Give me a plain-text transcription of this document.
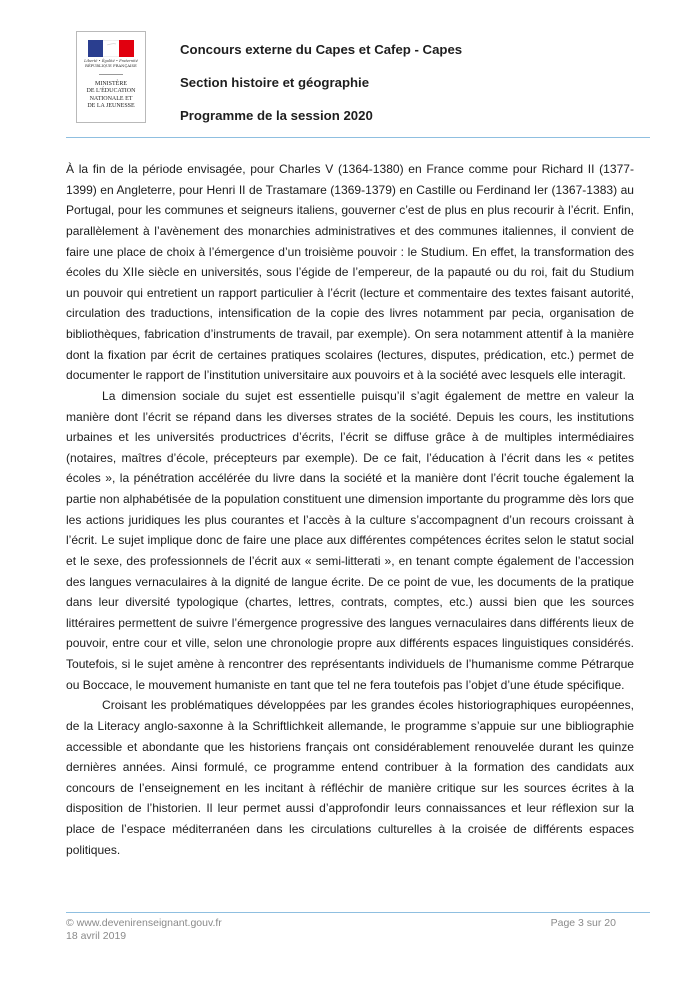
Liberté • Égalité • Fraternité
RÉPUBLIQUE FRANÇAISE
MINISTÈRE
DE L’ÉDUCATION
NATIONALE ET
DE LA JEUNESSE
Concours externe du Capes et Cafep - Capes
Section histoire et géographie
Programme de la session 2020

À la fin de la période envisagée, pour Charles V (1364-1380) en France comme pour Richard II (1377-1399) en Angleterre, pour Henri II de Trastamare (1369-1379) en Castille ou Ferdinand Ier (1367-1383) au Portugal, pour les communes et seigneurs italiens, gouverner c’est de plus en plus recourir à l’écrit. Enfin, parallèlement à l’avènement des monarchies administratives et des communes italiennes, il convient de faire une place de choix à l’émergence d’un troisième pouvoir : le Studium. En effet, la transformation des écoles du XIIe siècle en universités, sous l’égide de l’empereur, de la papauté ou du roi, fait du Studium un pouvoir qui entretient un rapport particulier à l’écrit (lecture et commentaire des textes faisant autorité, circulation des traductions, intensification de la copie des livres notamment par pecia, organisation de bibliothèques, fabrication d’instruments de travail, par exemple). On sera notamment attentif à la manière dont la fixation par écrit de certaines pratiques scolaires (lectures, disputes, prédication, etc.) permet de documenter le rapport de l’institution universitaire aux pouvoirs et à la société avec lesquels elle interagit.

La dimension sociale du sujet est essentielle puisqu’il s’agit également de mettre en valeur la manière dont l’écrit se répand dans les diverses strates de la société. Depuis les cours, les institutions urbaines et les universités productrices d’écrits, l’écrit se diffuse grâce à de multiples intermédiaires (notaires, maîtres d’école, précepteurs par exemple). De ce fait, l’éducation à l’écrit dans les « petites écoles », la pénétration accélérée du livre dans la société et la manière dont l’écrit touche également la partie non alphabétisée de la population constituent une dimension importante du programme dès lors que les actions juridiques les plus courantes et l’accès à la culture s’accompagnent d’un recours croissant à l’écrit. Le sujet implique donc de faire une place aux différentes compétences écrites selon le statut social et le sexe, des professionnels de l’écrit aux « semi-litterati », en tenant compte également de l’accession des langues vernaculaires à la dignité de langue écrite. De ce point de vue, les documents de la pratique dans leur diversité typologique (chartes, lettres, contrats, comptes, etc.) aussi bien que les sources littéraires permettent de suivre l’émergence progressive des langues vernaculaires dans différents lieux de pouvoir, entre cour et ville, selon une chronologie propre aux différents espaces linguistiques considérés. Toutefois, si le sujet amène à rencontrer des représentants individuels de l’humanisme comme Pétrarque ou Boccace, le mouvement humaniste en tant que tel ne fera toutefois pas l’objet d’une étude spécifique.

Croisant les problématiques développées par les grandes écoles historiographiques européennes, de la Literacy anglo-saxonne à la Schriftlichkeit allemande, le programme s’appuie sur une bibliographie accessible et abondante que les historiens français ont considérablement renouvelée durant les quinze dernières années. Ainsi formulé, ce programme entend contribuer à la formation des candidats aux concours de l’enseignement en les incitant à réfléchir de manière critique sur les sources écrites à la disposition de l’historien. Il leur permet aussi d’approfondir leurs connaissances et leur réflexion sur la place de l’espace méditerranéen dans les circulations culturelles à la croisée de différents espaces politiques.

© www.devenirenseignant.gouv.fr
18 avril 2019
Page 3 sur 20
